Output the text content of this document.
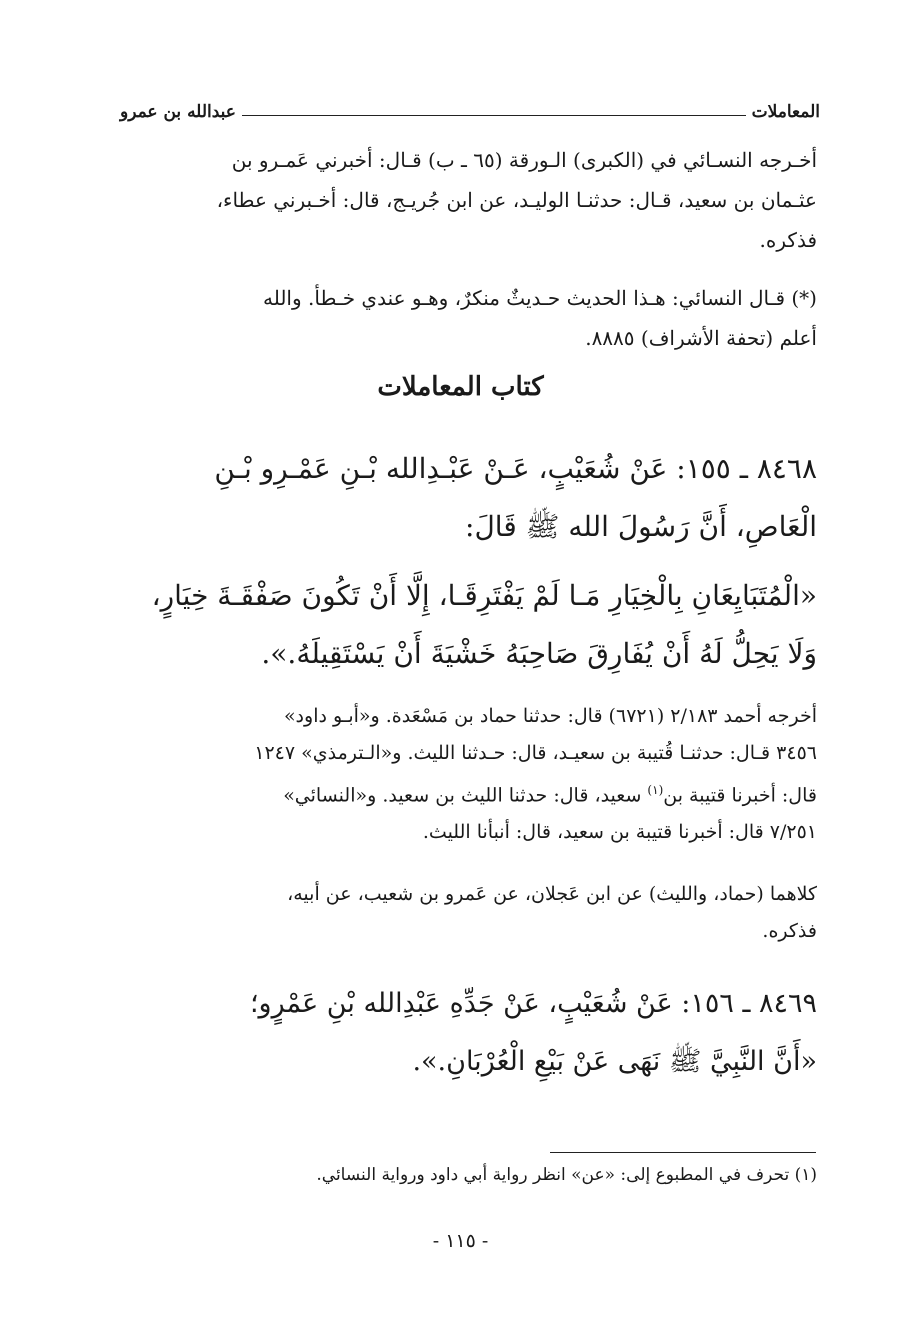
المعاملات
عبدالله بن عمرو
أخـرجه النسـائي في (الكبرى) الـورقة (٦٥ ـ ب) قـال: أخبرني عَمـرو بن
عثـمان بن سعيد، قـال: حدثنـا الوليـد، عن ابن جُريـج، قال: أخـبرني عطاء،
فذكره.
(*) قـال النسائي: هـذا الحديث حـديثٌ منكرٌ، وهـو عندي خـطأ. والله
أعلم (تحفة الأشراف) ٨٨٨٥.
كتاب المعاملات
٨٤٦٨ ـ ١٥٥: عَنْ شُعَيْبٍ، عَـنْ عَبْـدِالله بْـنِ عَمْـرِو بْـنِ
الْعَاصِ، أَنَّ رَسُولَ الله ﷺ قَالَ:
«الْمُتَبَايِعَانِ بِالْخِيَارِ مَـا لَمْ يَفْتَرِقَـا، إِلَّا أَنْ تَكُونَ صَفْقَـةَ خِيَارٍ،
وَلَا يَحِلُّ لَهُ أَنْ يُفَارِقَ صَاحِبَهُ خَشْيَةَ أَنْ يَسْتَقِيلَهُ.».
أخرجه أحمد ٢/١٨٣ (٦٧٢١) قال: حدثنا حماد بن مَسْعَدة. و«أبـو داود»
٣٤٥٦ قـال: حدثنـا قُتيبة بن سعيـد، قال: حـدثنا الليث. و«الـترمذي» ١٢٤٧
قال: أخبرنا قتيبة بن$^{(١)}$ سعيد، قال: حدثنا الليث بن سعيد. و«النسائي»
٧/٢٥١ قال: أخبرنا قتيبة بن سعيد، قال: أنبأنا الليث.
كلاهما (حماد، والليث) عن ابن عَجلان، عن عَمرو بن شعيب، عن أبيه،
فذكره.
٨٤٦٩ ـ ١٥٦: عَنْ شُعَيْبٍ، عَنْ جَدِّهِ عَبْدِالله بْنِ عَمْرٍو؛
«أَنَّ النَّبِيَّ ﷺ نَهَى عَنْ بَيْعِ الْعُرْبَانِ.».
(١) تحرف في المطبوع إلى: «عن» انظر رواية أبي داود ورواية النسائي.
- ١١٥ -
